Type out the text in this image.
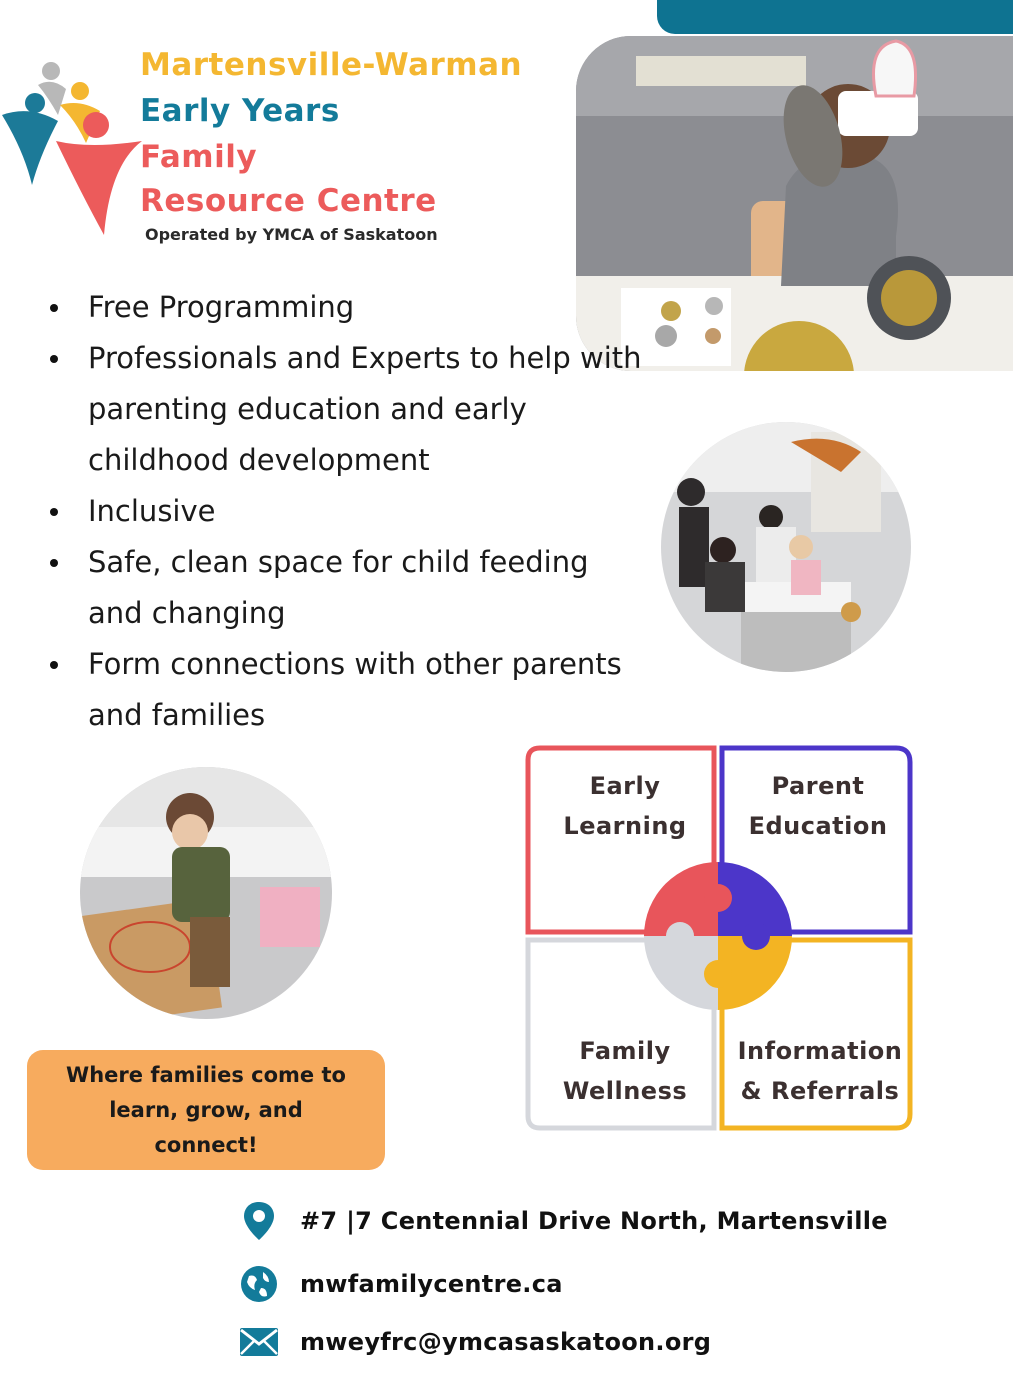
Martensville-Warman
Early Years
Family
Resource Centre
Operated by YMCA of Saskatoon
Free Programming
Professionals and Experts to help with parenting education and early childhood development
Inclusive
Safe, clean space for child feeding and changing
Form connections with other parents and families
Early
Learning
Parent
Education
Family
Wellness
Information
& Referrals
Where families come to learn, grow, and connect!
#7 |7 Centennial Drive North, Martensville
mwfamilycentre.ca
mweyfrc@ymcasaskatoon.org
